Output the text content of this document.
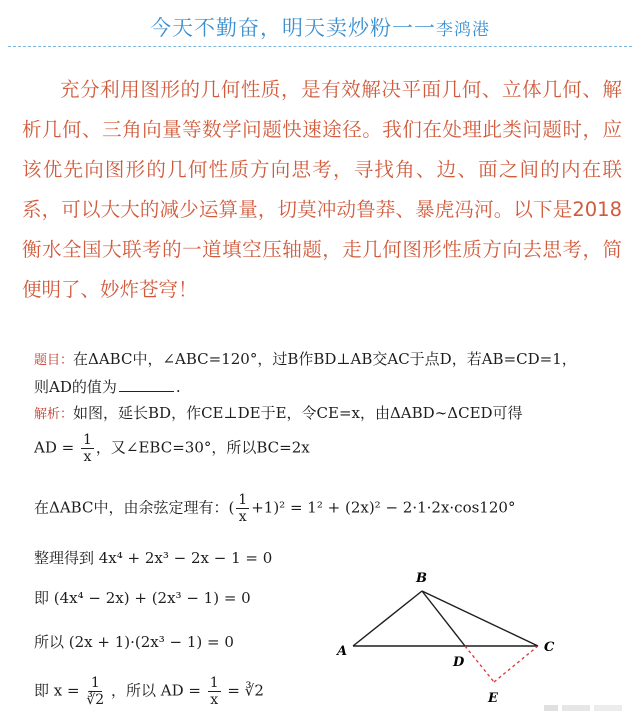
今天不勤奋，明天卖炒粉一一李鸿港

充分利用图形的几何性质，是有效解决平面几何、立体几何、解析几何、三角向量等数学问题快速途径。我们在处理此类问题时，应该优先向图形的几何性质方向思考，寻找角、边、面之间的内在联系，可以大大的减少运算量，切莫冲动鲁莽、暴虎冯河。以下是2018衡水全国大联考的一道填空压轴题，走几何图形性质方向去思考，简便明了、妙炸苍穹！

题目：在ΔABC中，∠ABC=120°，过B作BD⊥AB交AC于点D，若AB=CD=1，
则AD的值为	.
解析：如图，延长BD，作CE⊥DE于E，令CE=x，由ΔABD∼ΔCED可得
AD = $\frac{1}{x}$ ，又∠EBC=30°，所以BC=2x
在ΔABC中，由余弦定理有：( $\frac{1}{x} +1)^2 = 1^2 + (2x)^2 - 2\cdot 1\cdot 2x\cdot\cos 120^\circ$
整理得到 4x⁴ + 2x³ − 2x − 1 = 0
即 (4x⁴ − 2x) + (2x³ − 1) = 0
所以 (2x + 1)·(2x³ − 1) = 0
即 $x = \frac{1}{∛2}$ ，所以 AD = $\frac{1}{x}$ = ∛2
A
B
C
D
E
